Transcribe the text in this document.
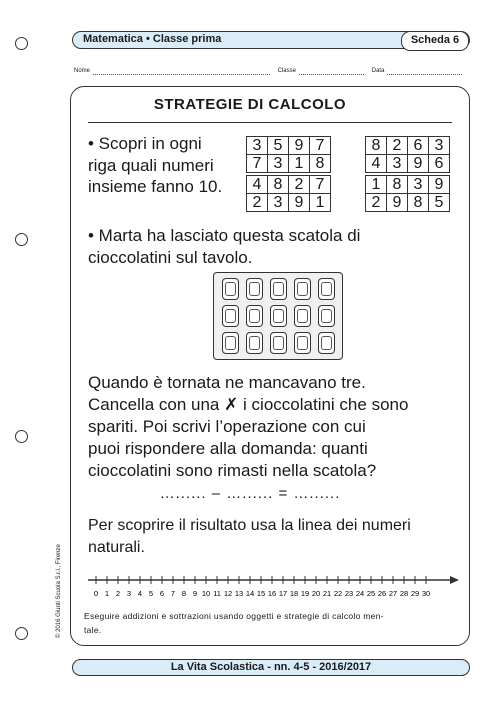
Matematica • Classe prima	Scheda 6
Nome	Classe	Data
STRATEGIE DI CALCOLO
• Scopri in ogni
riga quali numeri
insieme fanno 10.
3	5	9	7
7	3	1	8

4	8	2	7
2	3	9	1
8	2	6	3
4	3	9	6

1	8	3	9
2	9	8	5
• Marta ha lasciato questa scatola di
cioccolatini sul tavolo.
Quando è tornata ne mancavano tre.
Cancella con una ✗ i cioccolatini che sono
spariti. Poi scrivi l’operazione con cui
puoi rispondere alla domanda: quanti
cioccolatini sono rimasti nella scatola?
…...... – …...... = …......
Per scoprire il risultato usa la linea dei numeri
naturali.
0 1 2 3 4 5 6 7 8 9 10 11 12 13 14 15 16 17 18 19 20 21 22 23 24 25 26 27 28 29 30
Eseguire addizioni e sottrazioni usando oggetti e strategie di calcolo men-
tale.
© 2016 Giunti Scuola S.r.l., Firenze
La Vita Scolastica - nn. 4-5 - 2016/2017
